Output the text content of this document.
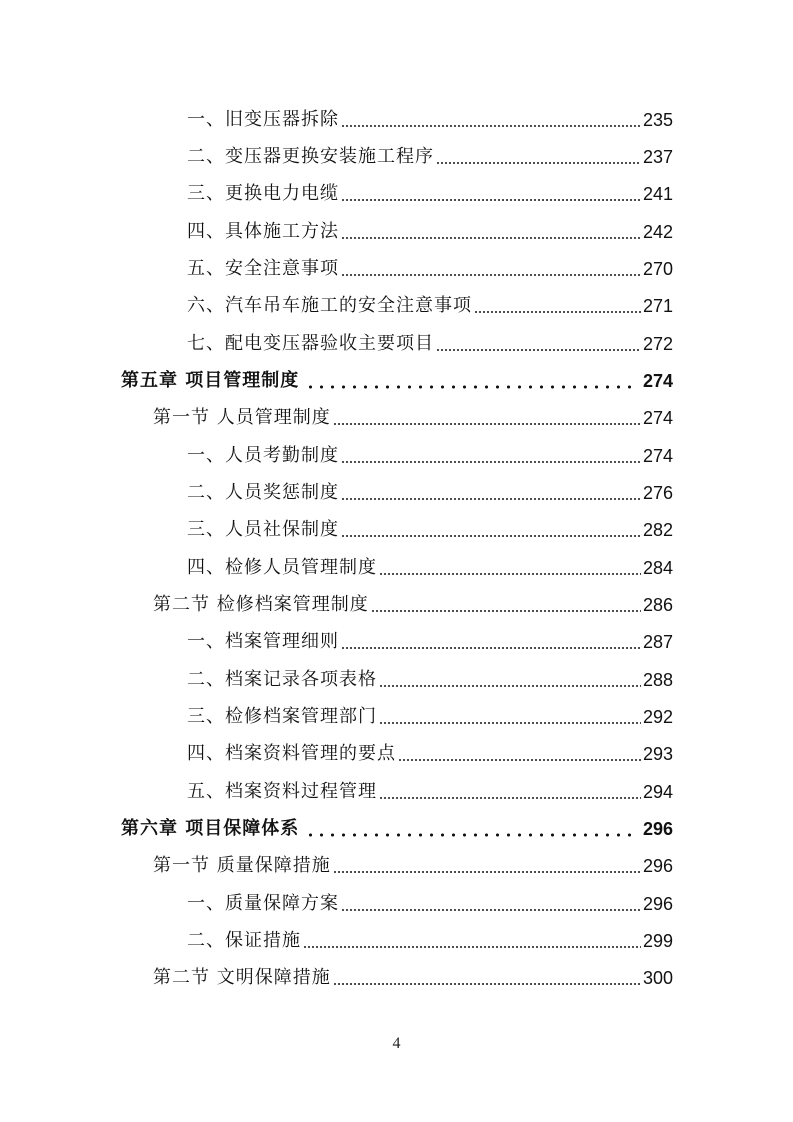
一、旧变压器拆除	235
二、变压器更换安装施工程序	237
三、更换电力电缆	241
四、具体施工方法	242
五、安全注意事项	270
六、汽车吊车施工的安全注意事项	271
七、配电变压器验收主要项目	272
第五章 项目管理制度	274
第一节 人员管理制度	274
一、人员考勤制度	274
二、人员奖惩制度	276
三、人员社保制度	282
四、检修人员管理制度	284
第二节 检修档案管理制度	286
一、档案管理细则	287
二、档案记录各项表格	288
三、检修档案管理部门	292
四、档案资料管理的要点	293
五、档案资料过程管理	294
第六章 项目保障体系	296
第一节 质量保障措施	296
一、质量保障方案	296
二、保证措施	299
第二节 文明保障措施	300
4
